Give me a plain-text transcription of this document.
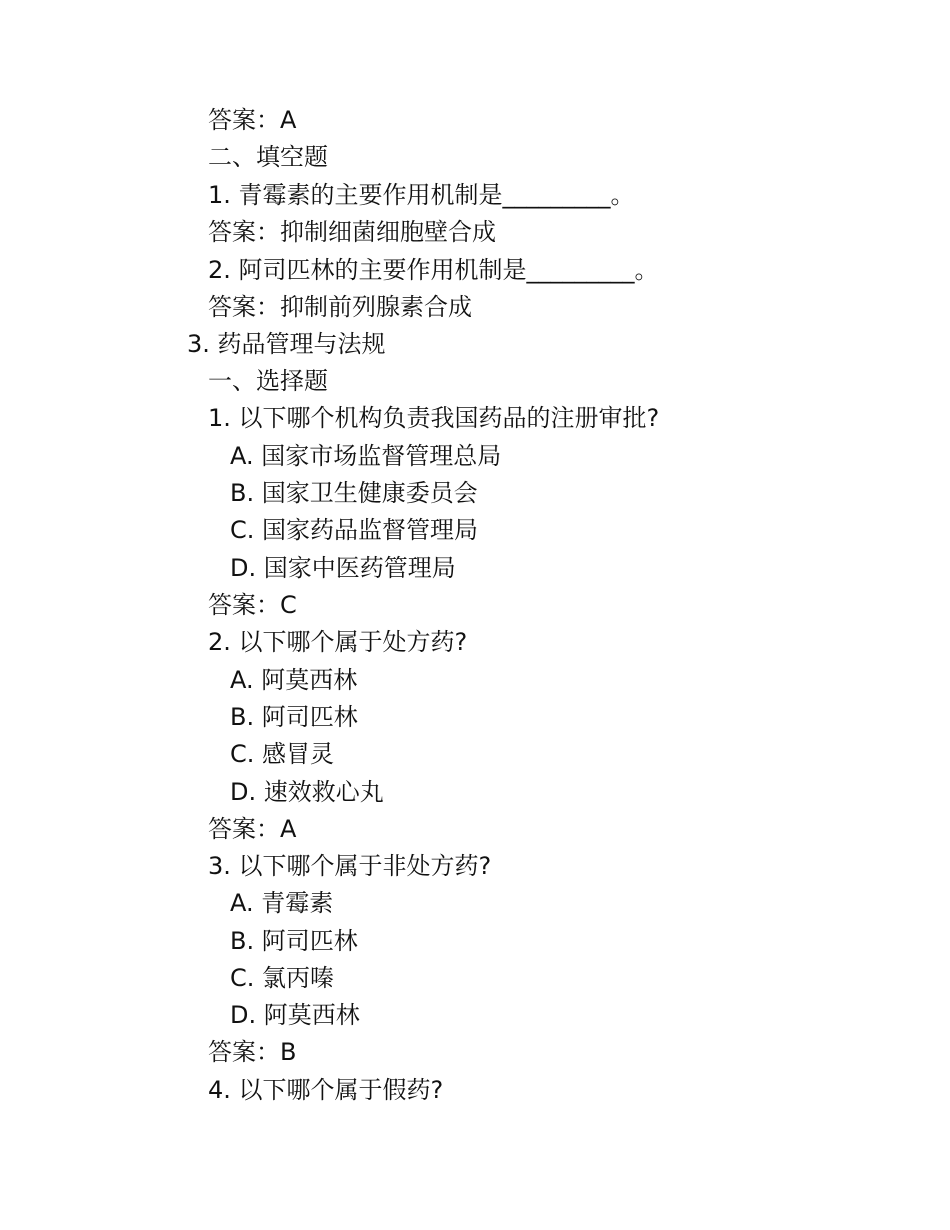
答案：A
二、填空题
1. 青霉素的主要作用机制是_________。
答案：抑制细菌细胞壁合成
2. 阿司匹林的主要作用机制是_________。
答案：抑制前列腺素合成
3. 药品管理与法规
一、选择题
1. 以下哪个机构负责我国药品的注册审批?
A. 国家市场监督管理总局
B. 国家卫生健康委员会
C. 国家药品监督管理局
D. 国家中医药管理局
答案：C
2. 以下哪个属于处方药?
A. 阿莫西林
B. 阿司匹林
C. 感冒灵
D. 速效救心丸
答案：A
3. 以下哪个属于非处方药?
A. 青霉素
B. 阿司匹林
C. 氯丙嗪
D. 阿莫西林
答案：B
4. 以下哪个属于假药?
